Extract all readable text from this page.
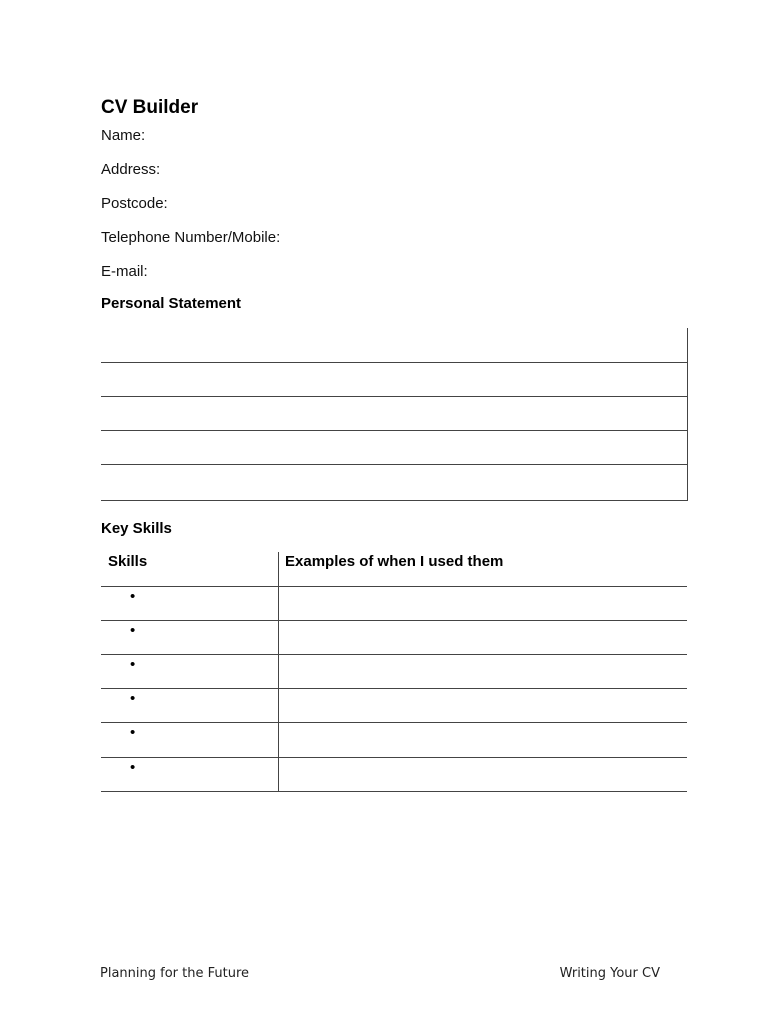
CV Builder
Name:
Address:
Postcode:
Telephone Number/Mobile:
E-mail:
Personal Statement
Key Skills
Skills	Examples of when I used them
•
•
•
•
•
•
Planning for the Future	Writing Your CV
